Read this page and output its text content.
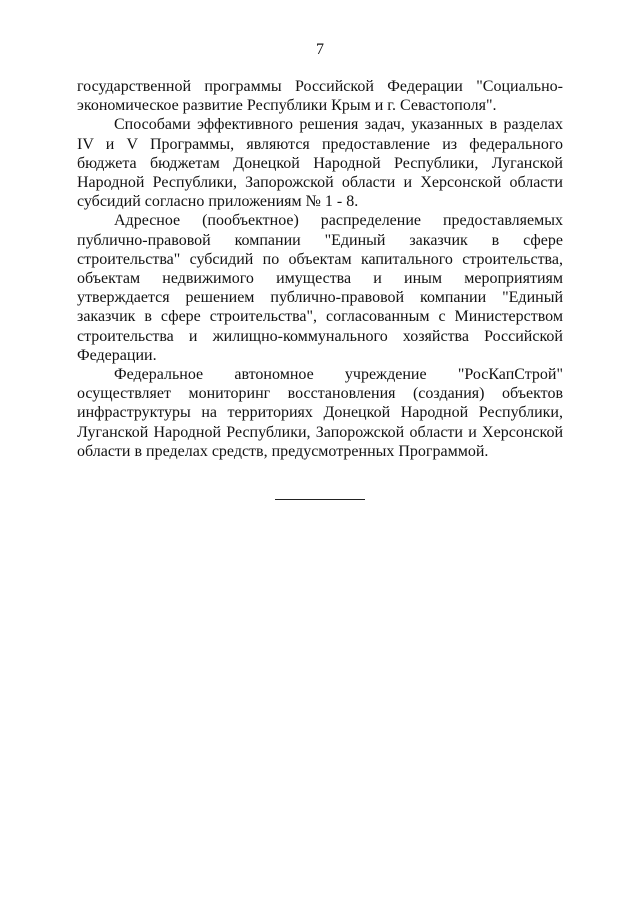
7

государственной программы Российской Федерации "Социально-экономическое развитие Республики Крым и г. Севастополя".

Способами эффективного решения задач, указанных в разделах IV и V Программы, являются предоставление из федерального бюджета бюджетам Донецкой Народной Республики, Луганской Народной Республики, Запорожской области и Херсонской области субсидий согласно приложениям № 1 - 8.

Адресное (пообъектное) распределение предоставляемых публично-правовой компании "Единый заказчик в сфере строительства" субсидий по объектам капитального строительства, объектам недвижимого имущества и иным мероприятиям утверждается решением публично-правовой компании "Единый заказчик в сфере строительства", согласованным с Министерством строительства и жилищно-коммунального хозяйства Российской Федерации.

Федеральное автономное учреждение "РосКапСтрой" осуществляет мониторинг восстановления (создания) объектов инфраструктуры на территориях Донецкой Народной Республики, Луганской Народной Республики, Запорожской области и Херсонской области в пределах средств, предусмотренных Программой.
